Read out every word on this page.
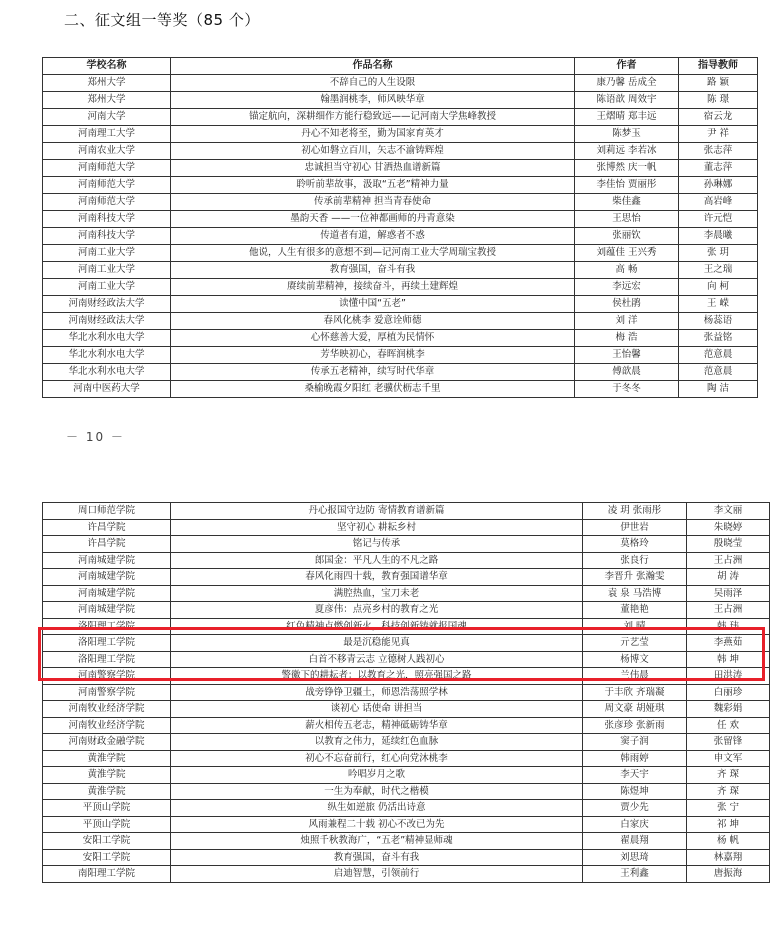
二、征文组一等奖（85 个）
学校名称	作品名称	作者	指导教师
郑州大学	不辞自己的人生设限	康乃馨 岳成全	路 颖
郑州大学	翰墨润桃李，师风映华章	陈语歆 周效宇	陈 璟
河南大学	锚定航向，深耕细作方能行稳致远——记河南大学焦峰教授	王熠晴 郑丰远	宿云龙
河南理工大学	丹心不知老将至，勤为国家育英才	陈梦玉	尹 祥
河南农业大学	初心如磐立百川，矢志不渝铸辉煌	刘莉远 李若冰	张志萍
河南师范大学	忠诚担当守初心 甘洒热血谱新篇	张博然 庆一帆	董志萍
河南师范大学	聆听前辈故事，汲取“五老”精神力量	李佳怡 贾丽彤	孙琳娜
河南师范大学	传承前辈精神 担当青春使命	柴佳鑫	高岩峰
河南科技大学	墨韵天香 ——一位神都画师的丹青意染	王思怡	许元恺
河南科技大学	传道者有道，解惑者不惑	张丽钦	李晨曦
河南工业大学	他说，人生有很多的意想不到—记河南工业大学周瑞宝教授	刘蕴佳 王兴秀	张 玥
河南工业大学	教育强国，奋斗有我	高 畅	王之瑞
河南工业大学	赓续前辈精神，接续奋斗，再续土建辉煌	李远宏	向 柯
河南财经政法大学	读懂中国“五老”	侯杜鹃	王 嵘
河南财经政法大学	春风化桃李 爱意诠师德	刘 洋	杨蕊语
华北水利水电大学	心怀慈善大爱，厚植为民情怀	梅 浩	张益铭
华北水利水电大学	芳华映初心，春晖润桃李	王怡馨	范意晨
华北水利水电大学	传承五老精神，续写时代华章	傅歆晨	范意晨
河南中医药大学	桑榆晚霞夕阳红 老骥伏枥志千里	于冬冬	陶 洁
－ 10 －
周口师范学院	丹心报国守边防 寄情教育谱新篇	凌 玥 张雨彤	李文丽
许昌学院	坚守初心 耕耘乡村	伊世岩	朱晓婷
许昌学院	铭记与传承	莫格玲	殷晓莹
河南城建学院	郎国金：平凡人生的不凡之路	张良行	王占洲
河南城建学院	春风化雨四十载，教育强国谱华章	李晋升 张瀚雯	胡 涛
河南城建学院	满腔热血，宝刀未老	袁 泉 马浩博	吴雨泽
河南城建学院	夏彦伟：点亮乡村的教育之光	董艳艳	王占洲
洛阳理工学院	红色精神点燃创新火，科技创新铸就报国魂	刘 晴	韩 玮
洛阳理工学院	最是沉稳能见真	亓艺莹	李燕茹
洛阳理工学院	白首不移青云志 立德树人践初心	杨博文	韩 坤
河南警察学院	警徽下的耕耘者：以教育之光，照亮强国之路	兰伟晨	田洪涛
河南警察学院	战旁铮铮卫疆土，师恩浩荡照学林	于丰欣 齐瑞凝	白丽珍
河南牧业经济学院	谈初心 话使命 讲担当	周文豪 胡娅琪	魏彩娟
河南牧业经济学院	薪火相传五老志，精神砥砺铸华章	张彦珍 张新雨	任 欢
河南财政金融学院	以教育之伟力，延续红色血脉	窦子润	张留锋
黄淮学院	初心不忘奋前行，红心向党沐桃李	韩雨婷	申文军
黄淮学院	吟唱岁月之歌	李天宇	齐 琛
黄淮学院	一生为奉献，时代之楷模	陈煜坤	齐 琛
平顶山学院	纵生如逆旅 仍活出诗意	贾少先	张 宁
平顶山学院	风雨兼程二十载 初心不改已为先	白家庆	祁 坤
安阳工学院	烛照千秋教海广，“五老”精神显师魂	翟晨翔	杨 帆
安阳工学院	教育强国，奋斗有我	刘思琦	林嘉翔
南阳理工学院	启迪智慧，引领前行	王利鑫	唐振海
